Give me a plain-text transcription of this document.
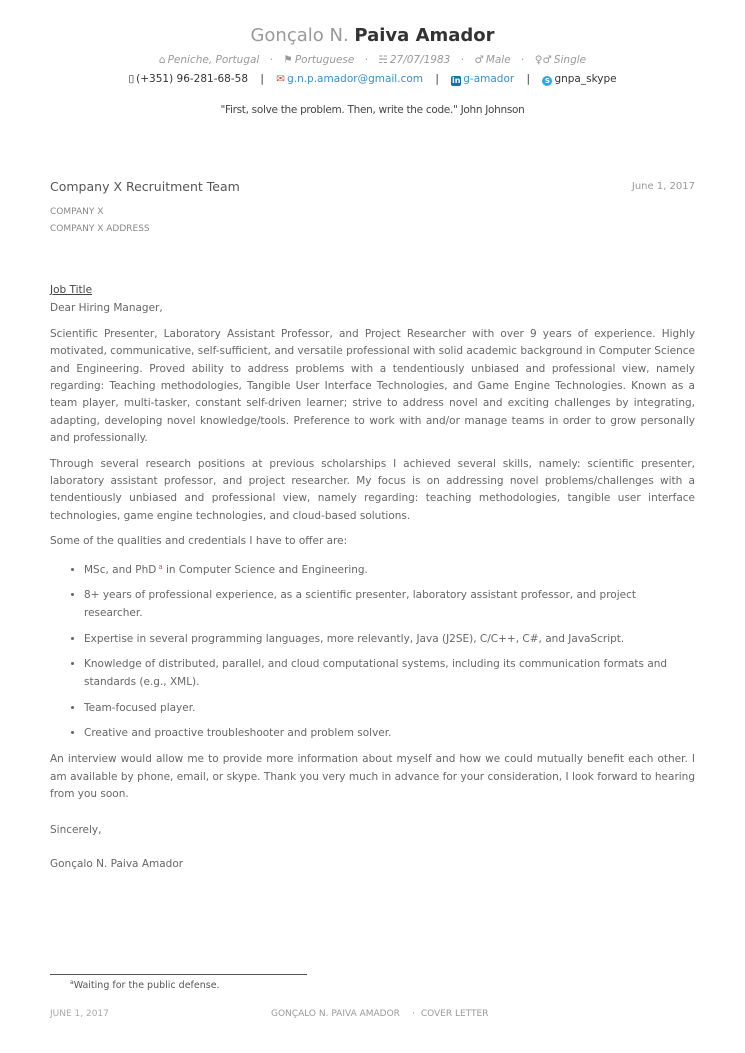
Gonçalo N. Paiva Amador
⌂ Peniche, Portugal · ⚑ Portuguese · ☵ 27/07/1983 · ♂ Male · ♀♂ Single
▯ (+351) 96-281-68-58 | ✉ g.n.p.amador@gmail.com | in g-amador | S gnpa_skype
"First, solve the problem. Then, write the code." John Johnson
Company X Recruitment Team	June 1, 2017
COMPANY X
COMPANY X ADDRESS
Job Title
Dear Hiring Manager,

Scientific Presenter, Laboratory Assistant Professor, and Project Researcher with over 9 years of experience. Highly motivated, communicative, self-sufficient, and versatile professional with solid academic background in Computer Science and Engineering. Proved ability to address problems with a tendentiously unbiased and professional view, namely regarding: Teaching methodologies, Tangible User Interface Technologies, and Game Engine Technologies. Known as a team player, multi-tasker, constant self-driven learner; strive to address novel and exciting challenges by integrating, adapting, developing novel knowledge/tools. Preference to work with and/or manage teams in order to grow personally and professionally.

Through several research positions at previous scholarships I achieved several skills, namely: scientific presenter, laboratory assistant professor, and project researcher. My focus is on addressing novel problems/challenges with a tendentiously unbiased and professional view, namely regarding: teaching methodologies, tangible user interface technologies, game engine technologies, and cloud-based solutions.

Some of the qualities and credentials I have to offer are:

• MSc, and PhD $^a$ in Computer Science and Engineering.
• 8+ years of professional experience, as a scientific presenter, laboratory assistant professor, and project researcher.
• Expertise in several programming languages, more relevantly, Java (J2SE), C/C++, C#, and JavaScript.
• Knowledge of distributed, parallel, and cloud computational systems, including its communication formats and standards (e.g., XML).
• Team-focused player.
• Creative and proactive troubleshooter and problem solver.

An interview would allow me to provide more information about myself and how we could mutually benefit each other. I am available by phone, email, or skype. Thank you very much in advance for your consideration, I look forward to hearing from you soon.

Sincerely,
Gonçalo N. Paiva Amador
$^a$Waiting for the public defense.
JUNE 1, 2017	GONÇALO N. PAIVA AMADOR · COVER LETTER
